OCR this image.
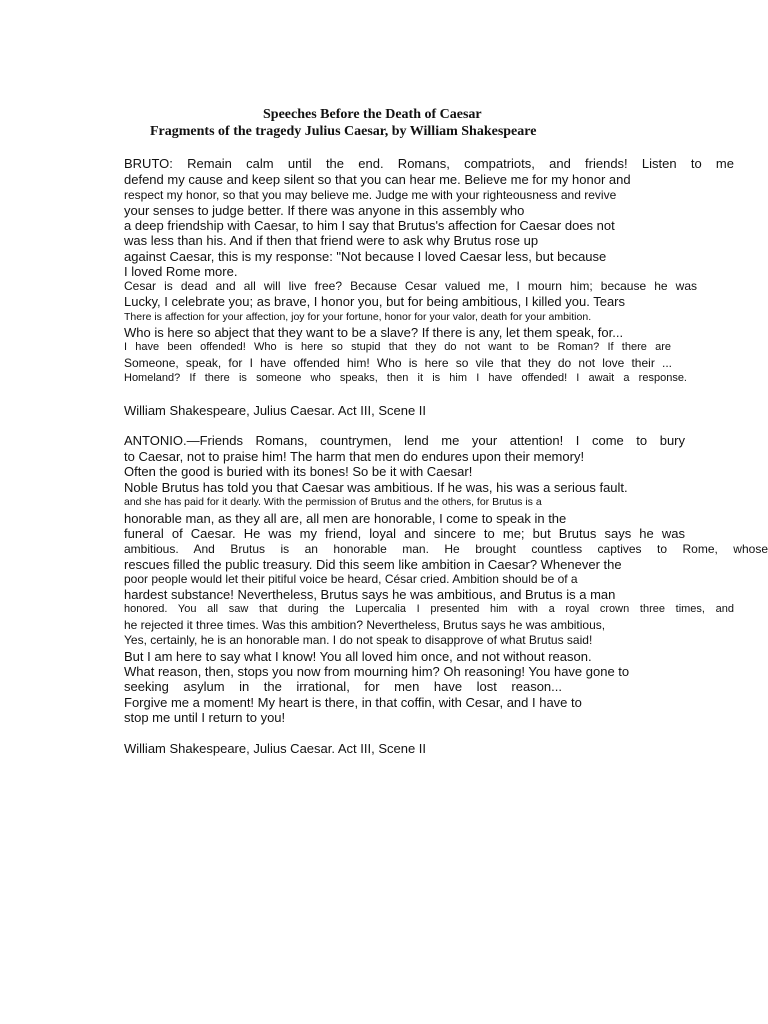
Speeches Before the Death of Caesar
Fragments of the tragedy Julius Caesar, by William Shakespeare
BRUTO: Remain calm until the end. Romans, compatriots, and friends! Listen to me
defend my cause and keep silent so that you can hear me. Believe me for my honor and
respect my honor, so that you may believe me. Judge me with your righteousness and revive
your senses to judge better. If there was anyone in this assembly who
a deep friendship with Caesar, to him I say that Brutus's affection for Caesar does not
was less than his. And if then that friend were to ask why Brutus rose up
against Caesar, this is my response: "Not because I loved Caesar less, but because
I loved Rome more.
Cesar is dead and all will live free? Because Cesar valued me, I mourn him; because he was
Lucky, I celebrate you; as brave, I honor you, but for being ambitious, I killed you. Tears
There is affection for your affection, joy for your fortune, honor for your valor, death for your ambition.
Who is here so abject that they want to be a slave? If there is any, let them speak, for...
I have been offended! Who is here so stupid that they do not want to be Roman? If there are
Someone, speak, for I have offended him! Who is here so vile that they do not love their ...
Homeland? If there is someone who speaks, then it is him I have offended! I await a response.
William Shakespeare, Julius Caesar. Act III, Scene II
ANTONIO.—Friends Romans, countrymen, lend me your attention! I come to bury
to Caesar, not to praise him! The harm that men do endures upon their memory!
Often the good is buried with its bones! So be it with Caesar!
Noble Brutus has told you that Caesar was ambitious. If he was, his was a serious fault.
and she has paid for it dearly. With the permission of Brutus and the others, for Brutus is a
honorable man, as they all are, all men are honorable, I come to speak in the
funeral of Caesar. He was my friend, loyal and sincere to me; but Brutus says he was
ambitious. And Brutus is an honorable man. He brought countless captives to Rome, whose
rescues filled the public treasury. Did this seem like ambition in Caesar? Whenever the
poor people would let their pitiful voice be heard, César cried. Ambition should be of a
hardest substance! Nevertheless, Brutus says he was ambitious, and Brutus is a man
honored. You all saw that during the Lupercalia I presented him with a royal crown three times, and
he rejected it three times. Was this ambition? Nevertheless, Brutus says he was ambitious,
Yes, certainly, he is an honorable man. I do not speak to disapprove of what Brutus said!
But I am here to say what I know! You all loved him once, and not without reason.
What reason, then, stops you now from mourning him? Oh reasoning! You have gone to
seeking asylum in the irrational, for men have lost reason...
Forgive me a moment! My heart is there, in that coffin, with Cesar, and I have to
stop me until I return to you!
William Shakespeare, Julius Caesar. Act III, Scene II
